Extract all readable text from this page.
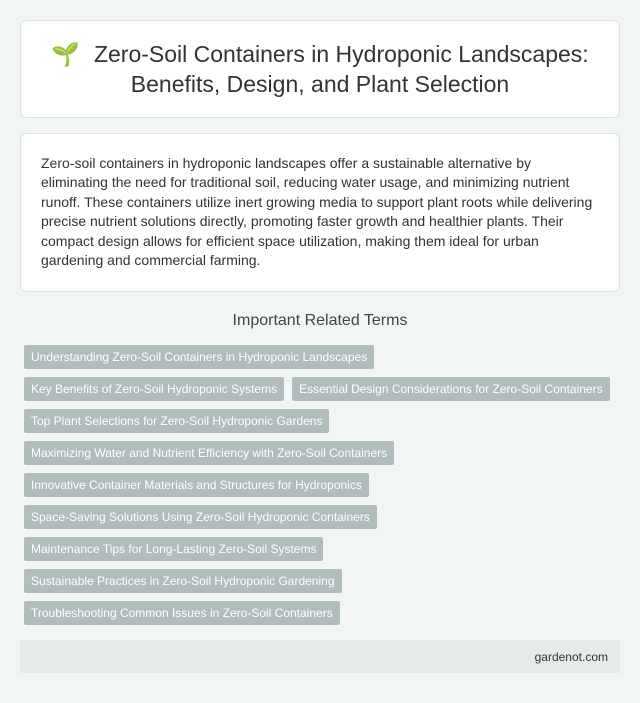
🌱 Zero-Soil Containers in Hydroponic Landscapes: Benefits, Design, and Plant Selection

Zero-soil containers in hydroponic landscapes offer a sustainable alternative by eliminating the need for traditional soil, reducing water usage, and minimizing nutrient runoff. These containers utilize inert growing media to support plant roots while delivering precise nutrient solutions directly, promoting faster growth and healthier plants. Their compact design allows for efficient space utilization, making them ideal for urban gardening and commercial farming.

Important Related Terms
Understanding Zero-Soil Containers in Hydroponic Landscapes
Key Benefits of Zero-Soil Hydroponic Systems	Essential Design Considerations for Zero-Soil Containers
Top Plant Selections for Zero-Soil Hydroponic Gardens
Maximizing Water and Nutrient Efficiency with Zero-Soil Containers
Innovative Container Materials and Structures for Hydroponics
Space-Saving Solutions Using Zero-Soil Hydroponic Containers
Maintenance Tips for Long-Lasting Zero-Soil Systems
Sustainable Practices in Zero-Soil Hydroponic Gardening
Troubleshooting Common Issues in Zero-Soil Containers
gardenot.com
